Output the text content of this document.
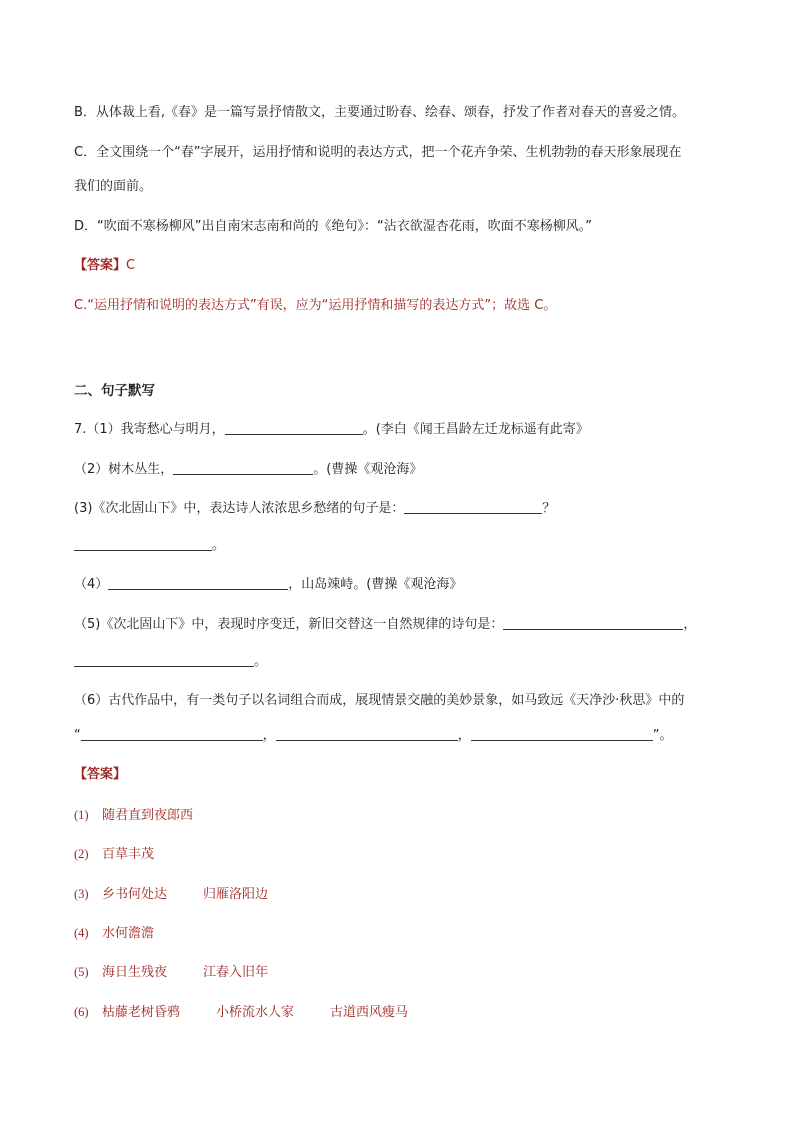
B．从体裁上看,《春》是一篇写景抒情散文，主要通过盼春、绘春、颂春，抒发了作者对春天的喜爱之情。
C．全文围绕一个“春”字展开，运用抒情和说明的表达方式，把一个花卉争荣、生机勃勃的春天形象展现在
我们的面前。
D．“吹面不寒杨柳风”出自南宋志南和尚的《绝句》：“沾衣欲湿杏花雨，吹面不寒杨柳风。”
【答案】C
C.“运用抒情和说明的表达方式”有误，应为“运用抒情和描写的表达方式”；故选 C。
二、句子默写
7.（1）我寄愁心与明月，	。(李白《闻王昌龄左迁龙标遥有此寄》
（2）树木丛生，	。(曹操《观沧海》
(3)《次北固山下》中，表达诗人浓浓思乡愁绪的句子是：	？
。
（4）	，山岛竦峙。(曹操《观沧海》
（5)《次北固山下》中，表现时序变迁，新旧交替这一自然规律的诗句是：	，
。
（6）古代作品中，有一类句子以名词组合而成，展现情景交融的美妙景象，如马致远《天净沙·秋思》中的
“	，	，	”。
【答案】
(1) 随君直到夜郎西
(2) 百草丰茂
(3) 乡书何处达	归雁洛阳边
(4) 水何澹澹
(5) 海日生残夜	江春入旧年
(6) 枯藤老树昏鸦	小桥流水人家	古道西风瘦马
